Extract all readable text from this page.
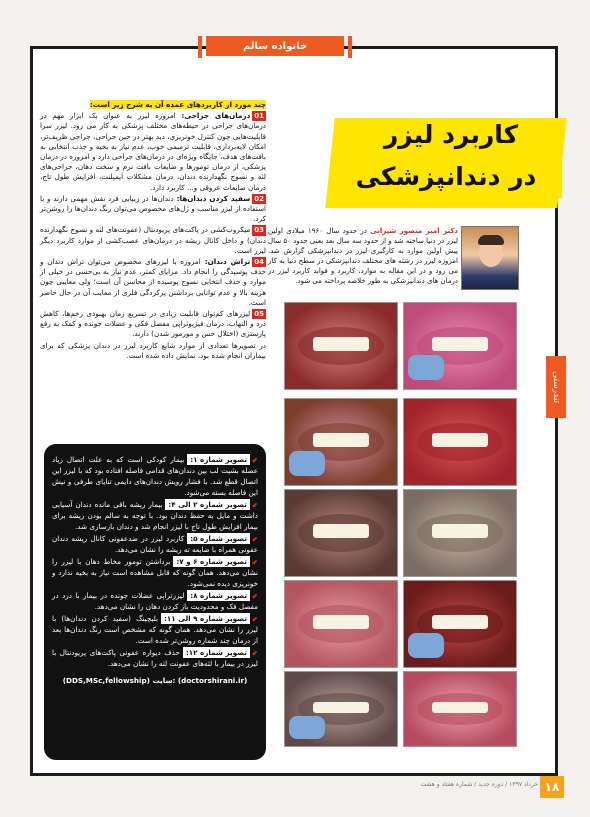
خانواده سالم
کاربرد لیزر
در دندانپزشکی
دکتر امیر منصور شیرانی در حدود سال ۱۹۶۰ میلادی اولین لیزر در دنیا ساخته شد و از حدود سه سال بعد یعنی حدود ۵۰ سال پیش اولین موارد به کارگیری لیزر در دندانپزشکی گزارش شد. امروزه لیزر در رشته های مختلف دندانپزشکی در سطح دنیا به کار می رود و در این مقاله به موارد، کاربرد و فواید کاربرد لیزر در درمان های دندانپزشکی به طور خلاصه پرداخته می شود.
تندرستی

چند مورد از کاربردهای عمده آن به شرح زیر است:

01درمان‌های جراحی: امروزه لیزر به عنوان یک ابزار مهم در درمان‌های جراحی در حیطه‌های مختلف پزشکی به کار می رود. لیزر سرا قابلیت‌هایی چون کنترل خونریزی، دید بهتر در حین جراحی، جراحی ظریف‌تر، امکان لایه‌برداری، قابلیت ترمیمی خوب، عدم نیاز به بخیه و جذب انتخابی به بافت‌های هدف، جایگاه ویژه‌ای در درمان‌های جراحی دارد و امروزه در درمان پزشکی، از درمان تومورها و ضایعات بافت نرم و سخت دهان، جراحی‌های لثه و نسوج نگهدارنده دندان، درمان مشکلات ایمپلنت، افزایش طول تاج، درمان ضایعات عروقی و... کاربرد دارد.

02سفید کردن دندان‌ها: دندان‌ها در زیبایی فرد نقش مهمی دارند و با استفاده از لیزر مناسب و ژل‌های مخصوص می‌توان رنگ دندان‌ها را روشن‌تر کرد.

03میکروب‌کشی در پاکت‌های پریودنتال (عفونت‌های لثه و نسوج نگهدارنده دندان) و داخل کانال ریشه در درمان‌های عصب‌کشی از موارد کاربرد دیگر لیزر است.

04تراش دندان: امروزه با لیزرهای مخصوص می‌توان تراش دندان و حذف پوسیدگی را انجام داد. مزایای کمتر، عدم نیاز به بی‌حسی در خیلی از موارد و حذف انتخابی نسوج پوسیده از محاسن آن است؛ ولی معایبی چون هزینه بالا و عدم توانایی برداشتن پرکردگی فلزی از معایب آن در حال حاضر است.

05لیزرهای کم‌توان قابلیت زیادی در تسریع زمان بهبودی زخم‌ها، کاهش درد و التهاب، درمان فیزیوتراپی مفصل فکی و عضلات جونده و کمک به رفع پارستزی (اختلال حس و مورمور شدن) دارند.

در تصویرها تعدادی از موارد شایع کاربرد لیزر در دندان پزشکی که برای بیماران انجام شده بود، نمایش داده شده است.

⬋تصویر شماره ۱:بیمار کودکی است که به علت اتصال زیاد عضله بشیت لب بین دندان‌های قدامی فاصله افتاده بود که با لیزر این اتصال قطع شد. با فشار رویش دندان‌های دایمی تنایای طرفی و نیش این فاصله بسته می‌شود.
⬋تصویر شماره ۲ الی ۴:بیمار ریشه باقی مانده دندان آسیابی داشت و مایل به حفظ دندان بود. با توجه به سالم بودن ریشه برای بیمار افزایش طول تاج با لیزر انجام شد و دندان بازسازی شد.
⬋تصویر شماره ۵:کاربرد لیزر در ضدعفونی کانال ریشه دندان عفونی همراه با ضایعه ته ریشه را نشان می‌دهد.
⬋تصویر شماره ۶ و ۷:برداشتن تومور مخاط دهان با لیزر را نشان می‌دهد. همان گونه که قابل مشاهده است نیاز به بخیه ندارد و خونریزی دیده نمی‌شود.
⬋تصویر شماره ۸:لیزرتراپی عضلات جونده در بیمار با درد در مفصل فک و محدودیت باز کردن دهان را نشان می‌دهد.
⬋تصویر شماره ۹ الی ۱۱:بلیچینگ (سفید کردن دندان‌ها) با لیزر را نشان می‌دهد. همان گونه که مشخص است رنگ دندان‌ها بعد از درمان چند شماره روشن‌تر شده است.
⬋تصویر شماره ۱۲:حذف دیواره عفونی پاکت‌های پریودنتال با لیزر در بیمار با لثه‌های عفونت لثه را نشان می‌دهد.
(DDS,MSc,fellowship) سایت: (doctorshirani.ir)
۱۸
خرداد ۱۳۹۷ / دوره جدید / شماره هفتاد و هشت
